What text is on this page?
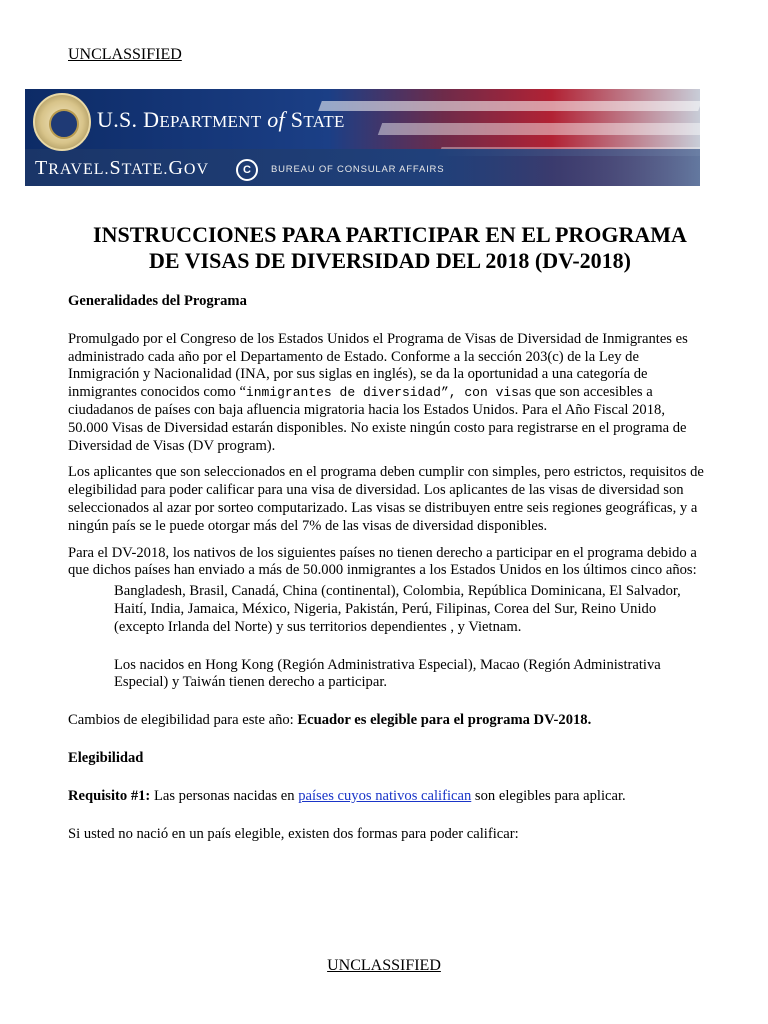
UNCLASSIFIED
U.S. DEPARTMENT of STATE
TRAVEL.STATE.GOV	C	BUREAU OF CONSULAR AFFAIRS
INSTRUCCIONES PARA PARTICIPAR EN EL PROGRAMA
DE VISAS DE DIVERSIDAD DEL 2018 (DV-2018)

Generalidades del Programa

Promulgado por el Congreso de los Estados Unidos el Programa de Visas de Diversidad de Inmigrantes es administrado cada año por el Departamento de Estado. Conforme a la sección 203(c) de la Ley de Inmigración y Nacionalidad (INA, por sus siglas en inglés), se da la oportunidad a una categoría de inmigrantes conocidos como “inmigrantes de diversidad”, con visas que son accesibles a ciudadanos de países con baja afluencia migratoria hacia los Estados Unidos. Para el Año Fiscal 2018, 50.000 Visas de Diversidad estarán disponibles. No existe ningún costo para registrarse en el programa de Diversidad de Visas (DV program).

Los aplicantes que son seleccionados en el programa deben cumplir con simples, pero estrictos, requisitos de elegibilidad para poder calificar para una visa de diversidad. Los aplicantes de las visas de diversidad son seleccionados al azar por sorteo computarizado. Las visas se distribuyen entre seis regiones geográficas, y a ningún país se le puede otorgar más del 7% de las visas de diversidad disponibles.

Para el DV-2018, los nativos de los siguientes países no tienen derecho a participar en el programa debido a que dichos países han enviado a más de 50.000 inmigrantes a los Estados Unidos en los últimos cinco años:

Bangladesh, Brasil, Canadá, China (continental), Colombia, República Dominicana, El Salvador, Haití, India, Jamaica, México, Nigeria, Pakistán, Perú, Filipinas, Corea del Sur, Reino Unido (excepto Irlanda del Norte) y sus territorios dependientes , y Vietnam.

Los nacidos en Hong Kong (Región Administrativa Especial), Macao (Región Administrativa Especial) y Taiwán tienen derecho a participar.

Cambios de elegibilidad para este año: Ecuador es elegible para el programa DV-2018.

Elegibilidad

Requisito #1: Las personas nacidas en países cuyos nativos califican son elegibles para aplicar.

Si usted no nació en un país elegible, existen dos formas para poder calificar:

UNCLASSIFIED
